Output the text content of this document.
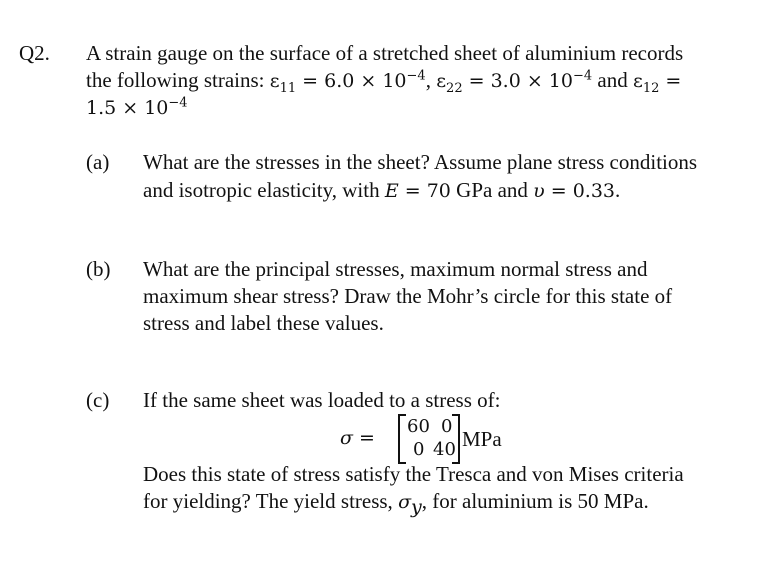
Q2. A strain gauge on the surface of a stretched sheet of aluminium records
the following strains: $\varepsilon_{11} = 6.0 \times 10^{-4}$, $\varepsilon_{22} = 3.0 \times 10^{-4}$ and $\varepsilon_{12}$ =
$1.5 \times 10^{-4}$
(a) What are the stresses in the sheet? Assume plane stress conditions
and isotropic elasticity, with E = 70 GPa and υ = 0.33.
(b) What are the principal stresses, maximum normal stress and
maximum shear stress? Draw the Mohr’s circle for this state of
stress and label these values.
(c) If the same sheet was loaded to a stress of:
σ =
60 0
0 40 MPa
Does this state of stress satisfy the Tresca and von Mises criteria
for yielding? The yield stress, $\sigma_y$, for aluminium is 50 MPa.
